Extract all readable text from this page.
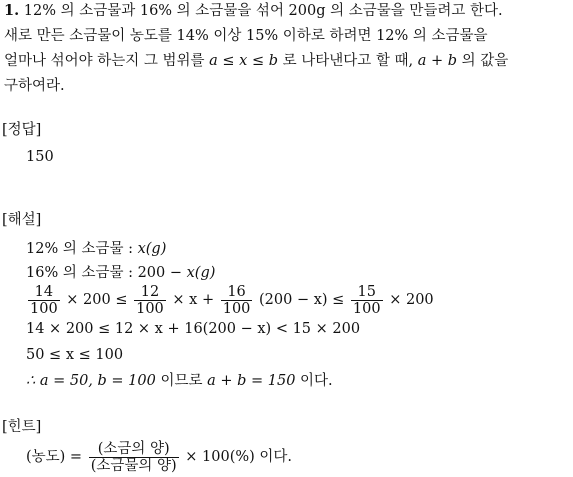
1. 12% 의 소금물과 16% 의 소금물을 섞어 200g 의 소금물을 만들려고 한다.
새로 만든 소금물이 농도를 14% 이상 15% 이하로 하려면 12% 의 소금물을
얼마나 섞어야 하는지 그 범위를 a ≤ x ≤ b 로 나타낸다고 할 때, a + b 의 값을
구하여라.
[정답]
150
[해설]
12% 의 소금물 : x(g)
16% 의 소금물 : 200 − x(g)
$\frac{14}{100} \times 200 \le \frac{12}{100} \times x + \frac{16}{100} (200 - x) \le \frac{15}{100} \times 200$
14 × 200 ≤ 12 × x + 16(200 − x) < 15 × 200
50 ≤ x ≤ 100
∴ a = 50, b = 100 이므로 a + b = 150 이다.
[힌트]
(농도) = $\frac{\text{(소금의 양)}}{\text{(소금물의 양)}} \times 100(\%)$ 이다.
